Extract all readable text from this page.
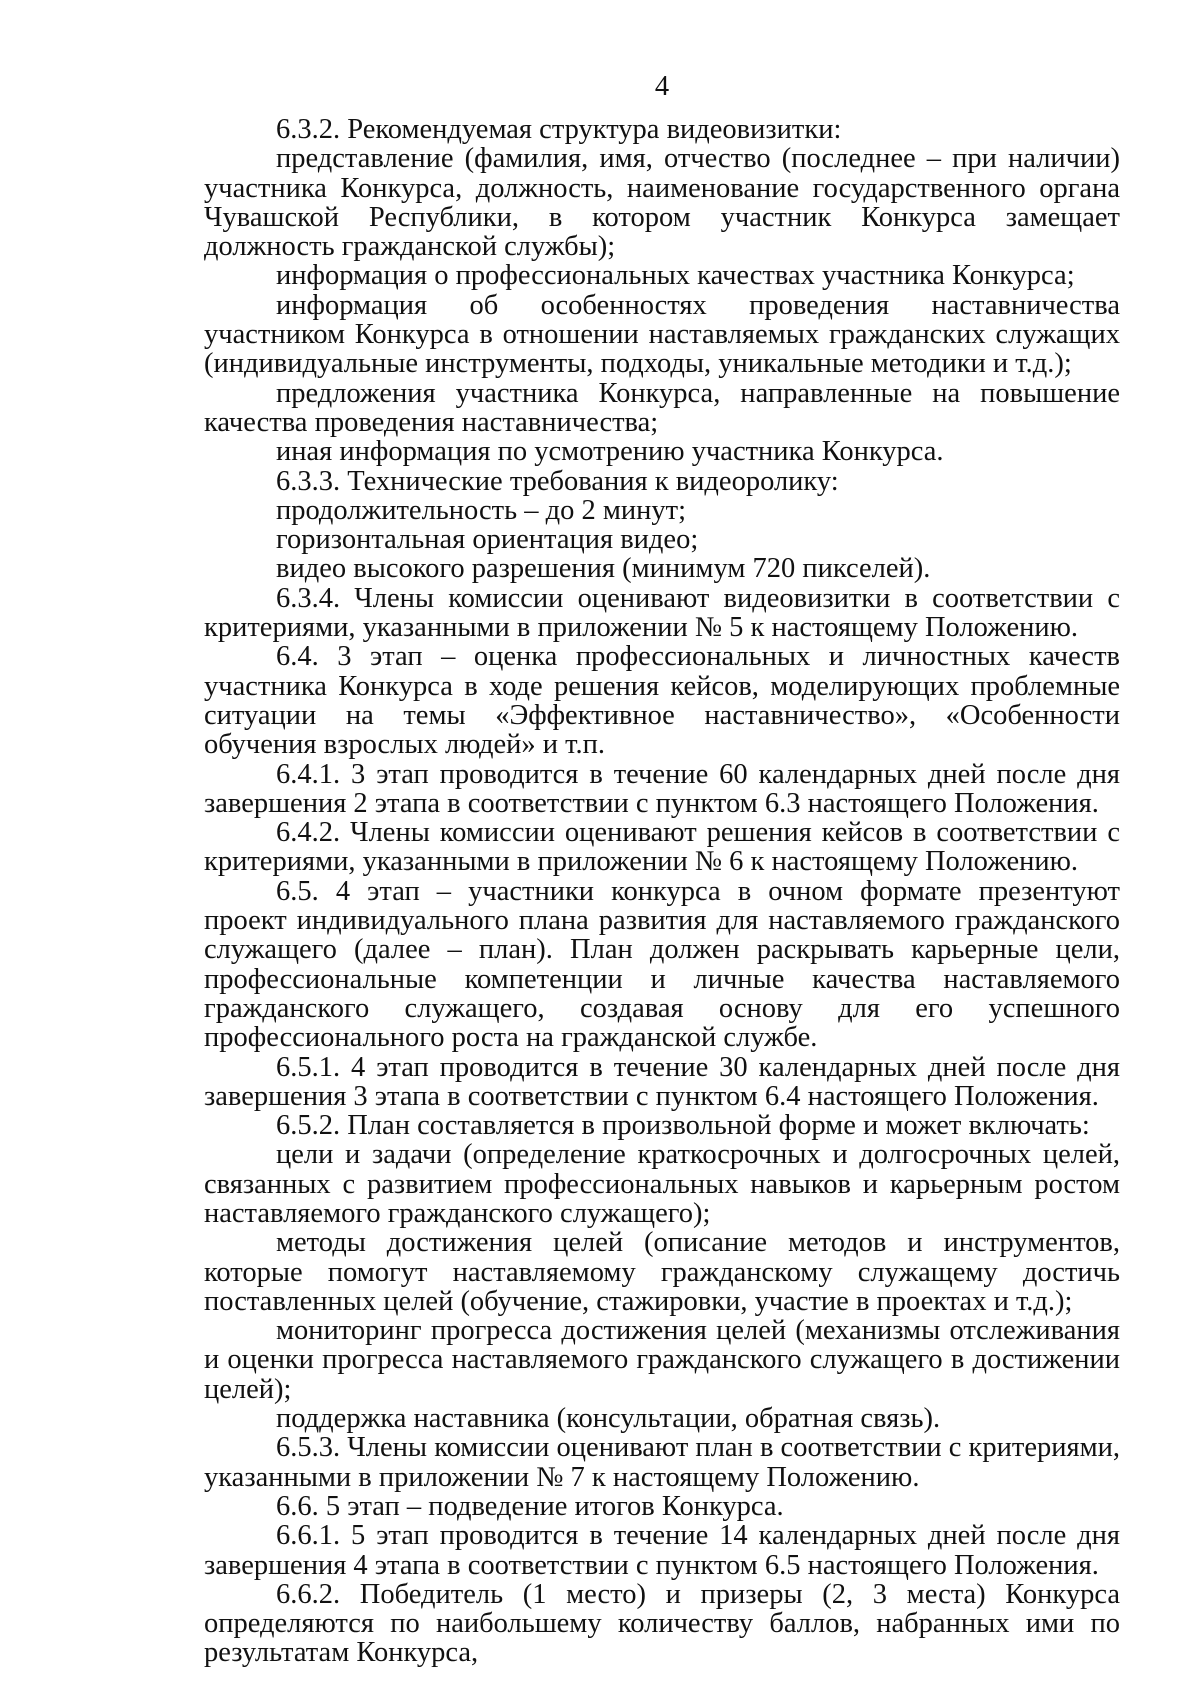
4

6.3.2. Рекомендуемая структура видеовизитки:

представление (фамилия, имя, отчество (последнее – при наличии) участника Конкурса, должность, наименование государственного органа Чувашской Республики, в котором участник Конкурса замещает должность гражданской службы);

информация о профессиональных качествах участника Конкурса;

информация об особенностях проведения наставничества участником Конкурса в отношении наставляемых гражданских служащих (индивидуальные инструменты, подходы, уникальные методики и т.д.);

предложения участника Конкурса, направленные на повышение качества проведения наставничества;

иная информация по усмотрению участника Конкурса.

6.3.3. Технические требования к видеоролику:

продолжительность – до 2 минут;

горизонтальная ориентация видео;

видео высокого разрешения (минимум 720 пикселей).

6.3.4. Члены комиссии оценивают видеовизитки в соответствии с критериями, указанными в приложении № 5 к настоящему Положению.

6.4. 3 этап – оценка профессиональных и личностных качеств участника Конкурса в ходе решения кейсов, моделирующих проблемные ситуации на темы «Эффективное наставничество», «Особенности обучения взрослых людей» и т.п.

6.4.1. 3 этап проводится в течение 60 календарных дней после дня завершения 2 этапа в соответствии с пунктом 6.3 настоящего Положения.

6.4.2. Члены комиссии оценивают решения кейсов в соответствии с критериями, указанными в приложении № 6 к настоящему Положению.

6.5. 4 этап – участники конкурса в очном формате презентуют проект индивидуального плана развития для наставляемого гражданского служащего (далее – план). План должен раскрывать карьерные цели, профессиональные компетенции и личные качества наставляемого гражданского служащего, создавая основу для его успешного профессионального роста на гражданской службе.

6.5.1. 4 этап проводится в течение 30 календарных дней после дня завершения 3 этапа в соответствии с пунктом 6.4 настоящего Положения.

6.5.2. План составляется в произвольной форме и может включать:

цели и задачи (определение краткосрочных и долгосрочных целей, связанных с развитием профессиональных навыков и карьерным ростом наставляемого гражданского служащего);

методы достижения целей (описание методов и инструментов, которые помогут наставляемому гражданскому служащему достичь поставленных целей (обучение, стажировки, участие в проектах и т.д.);

мониторинг прогресса достижения целей (механизмы отслеживания и оценки прогресса наставляемого гражданского служащего в достижении целей);

поддержка наставника (консультации, обратная связь).

6.5.3. Члены комиссии оценивают план в соответствии с критериями, указанными в приложении № 7 к настоящему Положению.

6.6. 5 этап – подведение итогов Конкурса.

6.6.1. 5 этап проводится в течение 14 календарных дней после дня завершения 4 этапа в соответствии с пунктом 6.5 настоящего Положения.

6.6.2. Победитель (1 место) и призеры (2, 3 места) Конкурса определяются по наибольшему количеству баллов, набранных ими по результатам Конкурса,
